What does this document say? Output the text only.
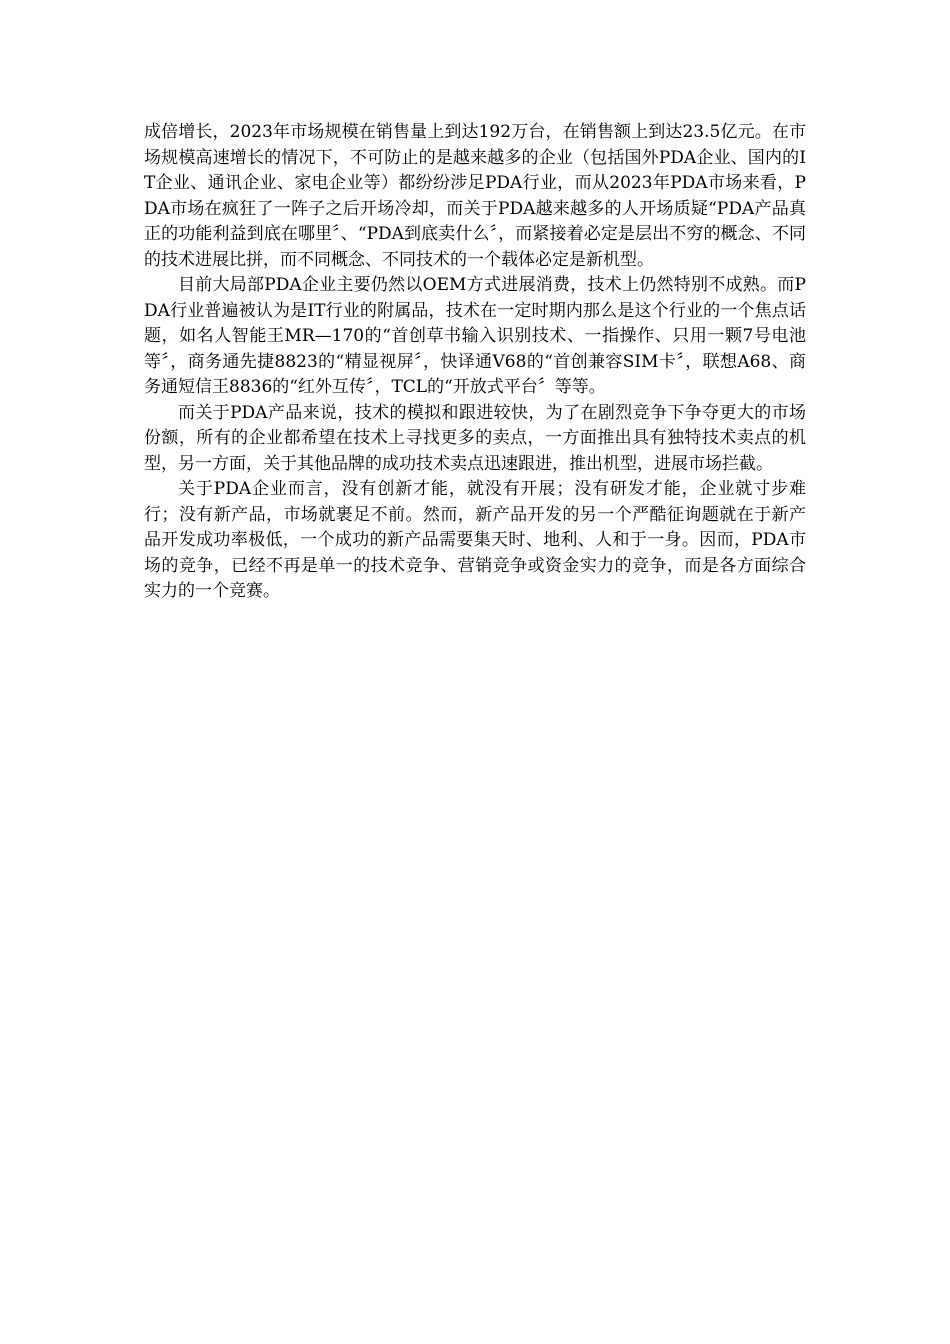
成倍增长，2023年市场规模在销售量上到达192万台，在销售额上到达23.5亿元。在市场规模高速增长的情况下，不可防止的是越来越多的企业（包括国外PDA企业、国内的IT企业、通讯企业、家电企业等）都纷纷涉足PDA行业，而从2023年PDA市场来看，PDA市场在疯狂了一阵子之后开场冷却，而关于PDA越来越多的人开场质疑“PDA产品真正的功能利益到底在哪里〞、“PDA到底卖什么〞，而紧接着必定是层出不穷的概念、不同的技术进展比拼，而不同概念、不同技术的一个载体必定是新机型。

目前大局部PDA企业主要仍然以OEM方式进展消费，技术上仍然特别不成熟。而PDA行业普遍被认为是IT行业的附属品，技术在一定时期内那么是这个行业的一个焦点话题，如名人智能王MR—170的“首创草书输入识别技术、一指操作、只用一颗7号电池等〞，商务通先捷8823的“精显视屏〞，快译通V68的“首创兼容SIM卡〞，联想A68、商务通短信王8836的“红外互传〞，TCL的“开放式平台〞等等。

而关于PDA产品来说，技术的模拟和跟进较快，为了在剧烈竞争下争夺更大的市场份额，所有的企业都希望在技术上寻找更多的卖点，一方面推出具有独特技术卖点的机型，另一方面，关于其他品牌的成功技术卖点迅速跟进，推出机型，进展市场拦截。

关于PDA企业而言，没有创新才能，就没有开展；没有研发才能，企业就寸步难行；没有新产品，市场就裹足不前。然而，新产品开发的另一个严酷征询题就在于新产品开发成功率极低，一个成功的新产品需要集天时、地利、人和于一身。因而，PDA市场的竞争，已经不再是单一的技术竞争、营销竞争或资金实力的竞争，而是各方面综合实力的一个竞赛。
